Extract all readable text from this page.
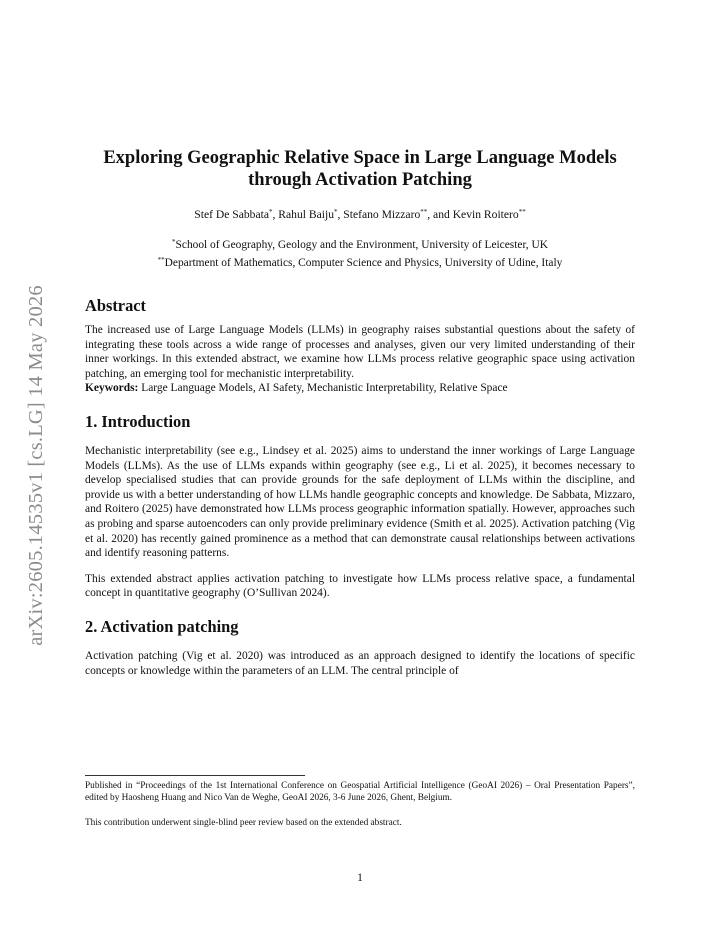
arXiv:2605.14535v1 [cs.LG] 14 May 2026
Exploring Geographic Relative Space in Large Language Models through Activation Patching
Stef De Sabbata*, Rahul Baiju*, Stefano Mizzaro**, and Kevin Roitero**
*School of Geography, Geology and the Environment, University of Leicester, UK
**Department of Mathematics, Computer Science and Physics, University of Udine, Italy
Abstract

The increased use of Large Language Models (LLMs) in geography raises substantial questions about the safety of integrating these tools across a wide range of processes and analyses, given our very limited understanding of their inner workings. In this extended abstract, we examine how LLMs process relative geographic space using activation patching, an emerging tool for mechanistic interpretability.

Keywords: Large Language Models, AI Safety, Mechanistic Interpretability, Relative Space

1. Introduction

Mechanistic interpretability (see e.g., Lindsey et al. 2025) aims to understand the inner workings of Large Language Models (LLMs). As the use of LLMs expands within geography (see e.g., Li et al. 2025), it becomes necessary to develop specialised studies that can provide grounds for the safe deployment of LLMs within the discipline, and provide us with a better understanding of how LLMs handle geographic concepts and knowledge. De Sabbata, Mizzaro, and Roitero (2025) have demonstrated how LLMs process geographic information spatially. However, approaches such as probing and sparse autoencoders can only provide preliminary evidence (Smith et al. 2025). Activation patching (Vig et al. 2020) has recently gained prominence as a method that can demonstrate causal relationships between activations and identify reasoning patterns.

This extended abstract applies activation patching to investigate how LLMs process relative space, a fundamental concept in quantitative geography (O’Sullivan 2024).

2. Activation patching

Activation patching (Vig et al. 2020) was introduced as an approach designed to identify the locations of specific concepts or knowledge within the parameters of an LLM. The central principle of

Published in “Proceedings of the 1st International Conference on Geospatial Artificial Intelligence (GeoAI 2026) – Oral Presentation Papers”, edited by Haosheng Huang and Nico Van de Weghe, GeoAI 2026, 3-6 June 2026, Ghent, Belgium.

This contribution underwent single-blind peer review based on the extended abstract.

1
